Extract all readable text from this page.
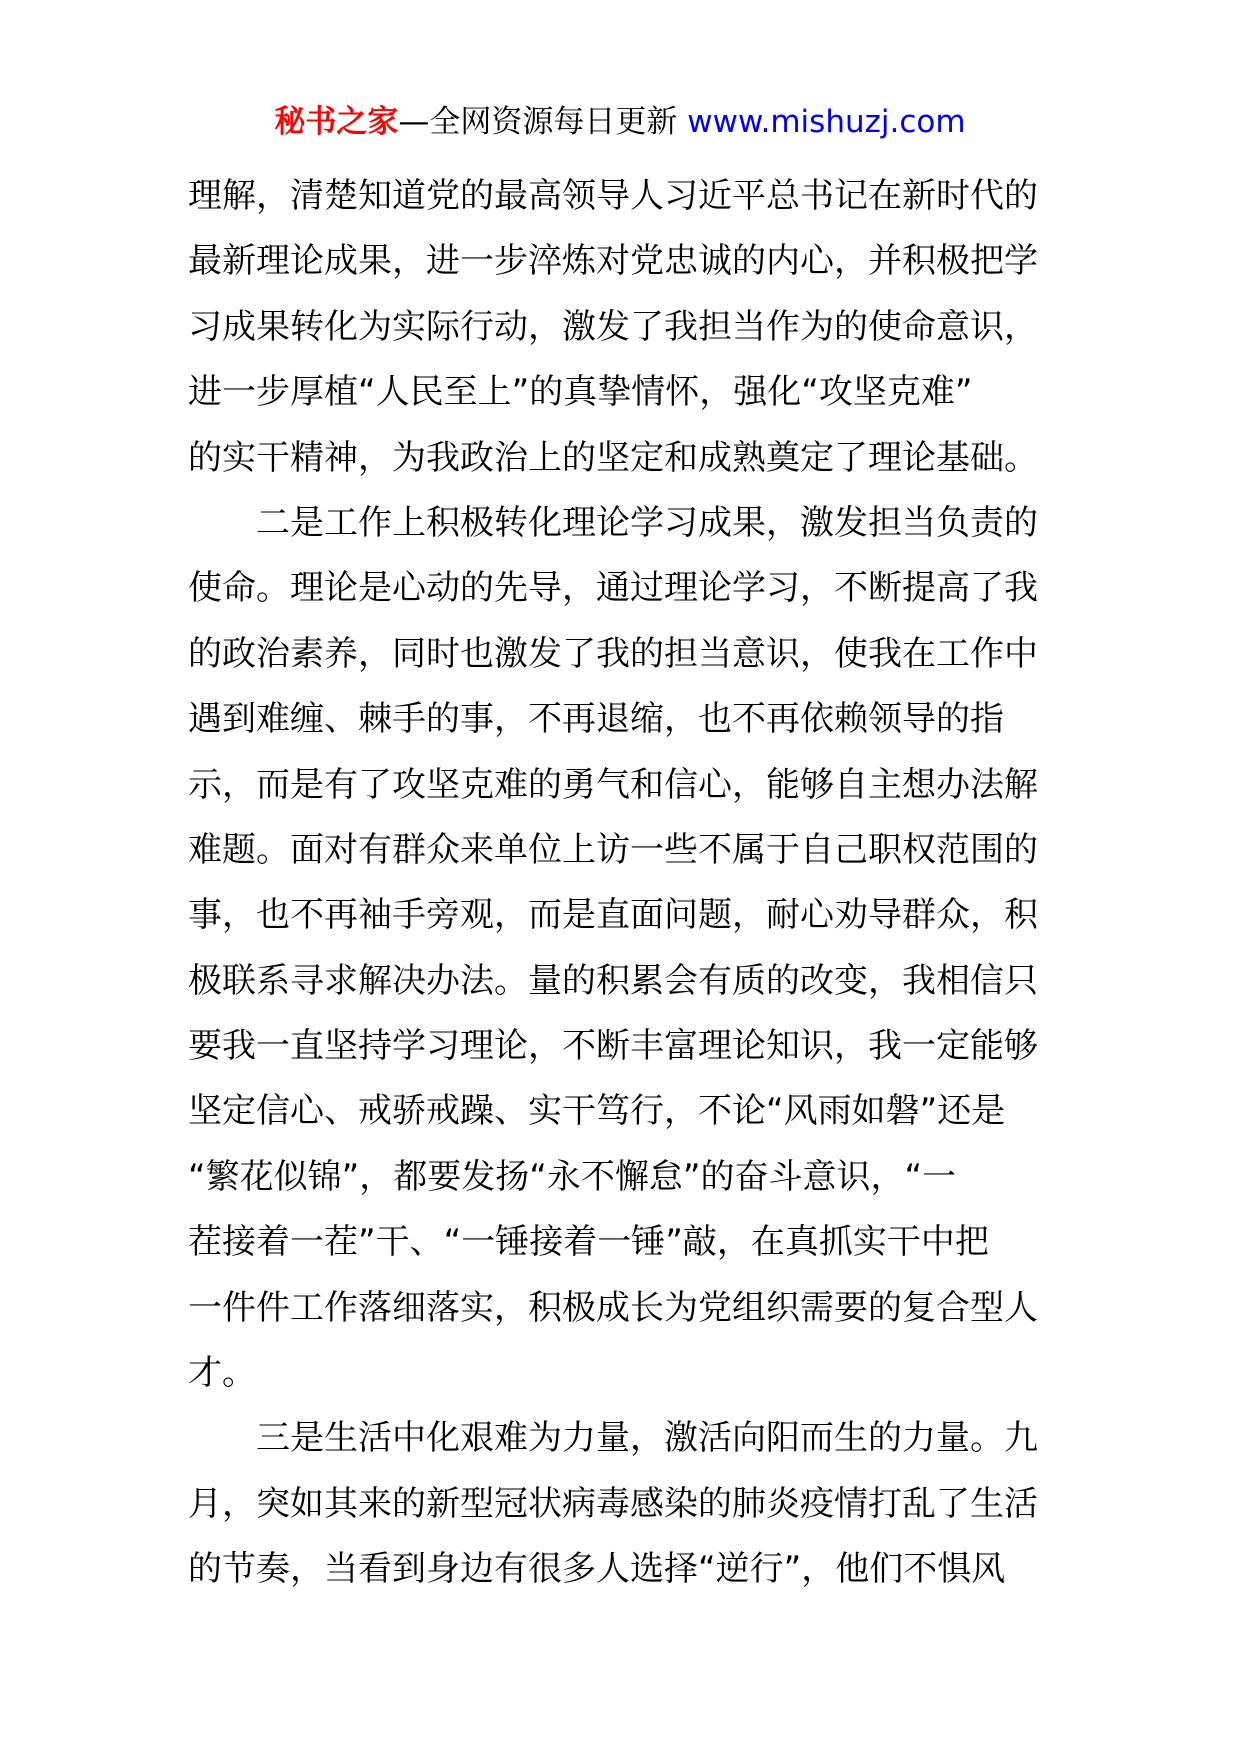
秘书之家—全网资源每日更新 www.mishuzj.com
理解，清楚知道党的最高领导人习近平总书记在新时代的
最新理论成果，进一步淬炼对党忠诚的内心，并积极把学
习成果转化为实际行动，激发了我担当作为的使命意识，
进一步厚植“人民至上”的真挚情怀，强化“攻坚克难”
的实干精神，为我政治上的坚定和成熟奠定了理论基础。
二是工作上积极转化理论学习成果，激发担当负责的
使命。理论是心动的先导，通过理论学习，不断提高了我
的政治素养，同时也激发了我的担当意识，使我在工作中
遇到难缠、棘手的事，不再退缩，也不再依赖领导的指
示，而是有了攻坚克难的勇气和信心，能够自主想办法解
难题。面对有群众来单位上访一些不属于自己职权范围的
事，也不再袖手旁观，而是直面问题，耐心劝导群众，积
极联系寻求解决办法。量的积累会有质的改变，我相信只
要我一直坚持学习理论，不断丰富理论知识，我一定能够
坚定信心、戒骄戒躁、实干笃行，不论“风雨如磐”还是
“繁花似锦”，都要发扬“永不懈怠”的奋斗意识，“一
茬接着一茬”干、“一锤接着一锤”敲，在真抓实干中把
一件件工作落细落实，积极成长为党组织需要的复合型人
才。
三是生活中化艰难为力量，激活向阳而生的力量。九
月，突如其来的新型冠状病毒感染的肺炎疫情打乱了生活
的节奏，当看到身边有很多人选择“逆行”，他们不惧风
